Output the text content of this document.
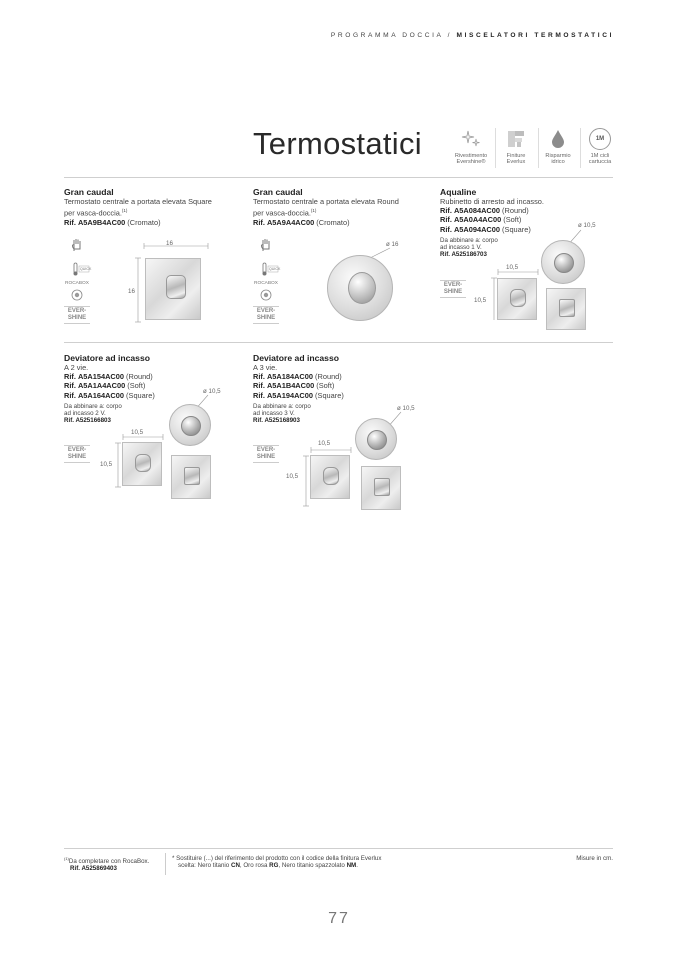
PROGRAMMA DOCCIA / MISCELATORI TERMOSTATICI
Termostatici	Rivestimento
Evershine®
Finiture
Everlux
Risparmio
idrico
1M
1M cicli
cartuccia
Gran caudal
Termostato centrale a portata elevata Square
per vasca-doccia.$^{(1)}$
Rif. A5A9B4AC00 (Cromato)
QUICK
ROCABOX
EVER-
SHINE
16
16
Gran caudal
Termostato centrale a portata elevata Round
per vasca-doccia.$^{(1)}$
Rif. A5A9A4AC00 (Cromato)
QUICK
ROCABOX
EVER-
SHINE
ø 16
Aqualine
Rubinetto di arresto ad incasso.
Rif. A5A084AC00 (Round)
Rif. A5A0A4AC00 (Soft)
Rif. A5A094AC00 (Square)
Da abbinare a: corpo
ad incasso 1 V.
Rif. A525186703
EVER-
SHINE
ø 10,5
10,5
10,5
Deviatore ad incasso
A 2 vie.
Rif. A5A154AC00 (Round)
Rif. A5A1A4AC00 (Soft)
Rif. A5A164AC00 (Square)
Da abbinare a: corpo
ad incasso 2 V.
Rif. A525166803
EVER-
SHINE
ø 10,5
10,5
10,5
Deviatore ad incasso
A 3 vie.
Rif. A5A184AC00 (Round)
Rif. A5A1B4AC00 (Soft)
Rif. A5A194AC00 (Square)
Da abbinare a: corpo
ad incasso 3 V.
Rif. A525168903
EVER-
SHINE
ø 10,5
10,5
10,5
$^{(1)}$Da completare con RocaBox.
Rif. A525869403
* Sostituire (...) del riferimento del prodotto con il codice della finitura Everlux
scelta: Nero titanio CN, Oro rosa RG, Nero titanio spazzolato NM.
Misure in cm.
77
